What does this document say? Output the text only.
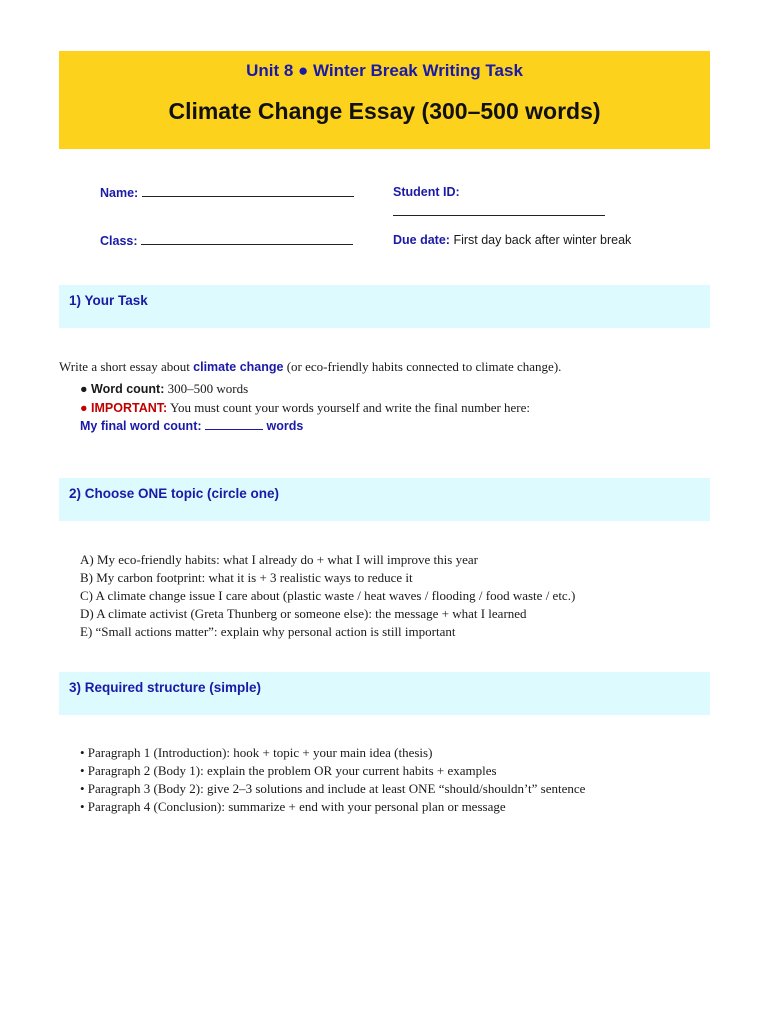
Unit 8 ● Winter Break Writing Task
Climate Change Essay (300–500 words)
Name:	Student ID:
Class:	Due date: First day back after winter break
1) Your Task
Write a short essay about climate change (or eco-friendly habits connected to climate change).
● Word count: 300–500 words
● IMPORTANT: You must count your words yourself and write the final number here:
My final word count:	words
2) Choose ONE topic (circle one)
A) My eco-friendly habits: what I already do + what I will improve this year
B) My carbon footprint: what it is + 3 realistic ways to reduce it
C) A climate change issue I care about (plastic waste / heat waves / flooding / food waste / etc.)
D) A climate activist (Greta Thunberg or someone else): the message + what I learned
E) “Small actions matter”: explain why personal action is still important
3) Required structure (simple)
• Paragraph 1 (Introduction): hook + topic + your main idea (thesis)
• Paragraph 2 (Body 1): explain the problem OR your current habits + examples
• Paragraph 3 (Body 2): give 2–3 solutions and include at least ONE “should/shouldn’t” sentence
• Paragraph 4 (Conclusion): summarize + end with your personal plan or message
